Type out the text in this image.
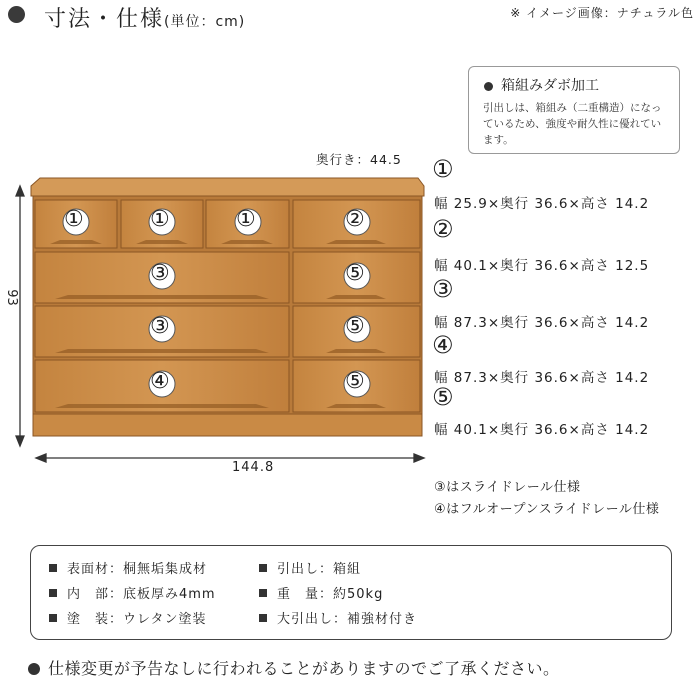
寸法・仕様(単位：cm)
※ イメージ画像：ナチュラル色
箱組みダボ加工
引出しは、箱組み（二重構造）になっているため、強度や耐久性に優れています。
奥行き：44.5
①	①	①	②
③	⑤
③	⑤
④	⑤
93
144.8
①
幅 25.9×奥行 36.6×高さ 14.2
②
幅 40.1×奥行 36.6×高さ 12.5
③
幅 87.3×奥行 36.6×高さ 14.2
④
幅 87.3×奥行 36.6×高さ 14.2
⑤
幅 40.1×奥行 36.6×高さ 14.2
③はスライドレール仕様
④はフルオープンスライドレール仕様
表面材：桐無垢集成材	引出し：箱組
内　部：底板厚み4mm	重　量：約50kg
塗　装：ウレタン塗装	大引出し：補強材付き
仕様変更が予告なしに行われることがありますのでご了承ください。
